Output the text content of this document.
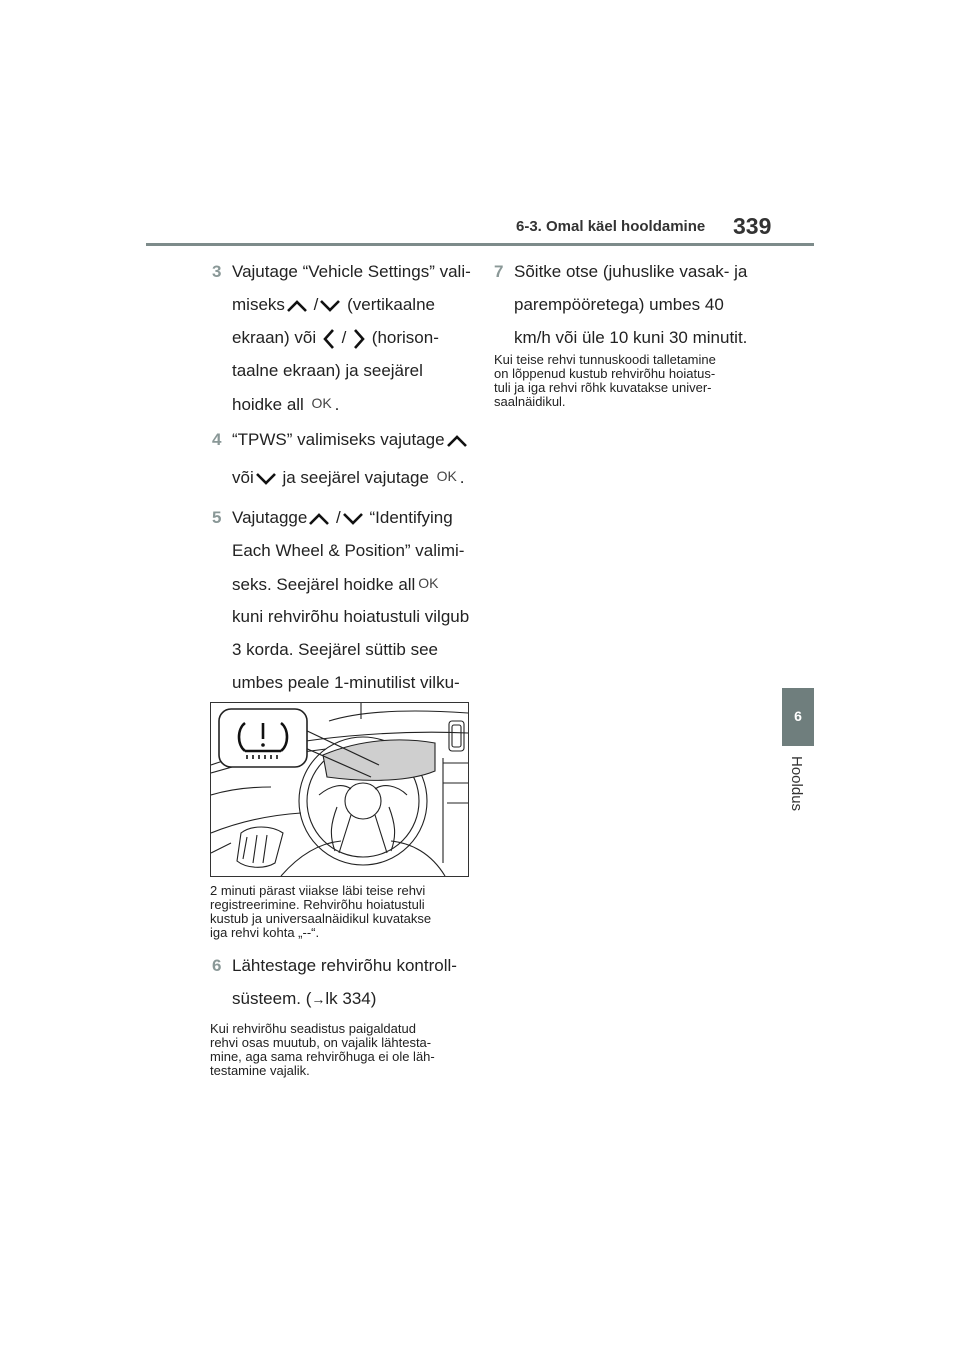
6-3. Omal käel hooldamine 339
6
Hooldus
3 Vajutage “Vehicle Settings” vali-
miseks / (vertikaalne
ekraan) või / (horison-
taalne ekraan) ja seejärel
hoidke all OK .
4 “TPWS” valimiseks vajutage
või ja seejärel vajutage OK .
5 Vajutagge / “Identifying
Each Wheel & Position” valimi-
seks. Seejärel hoidke all OK
kuni rehvirõhu hoiatustuli vilgub
3 korda. Seejärel süttib see
umbes peale 1-minutilist vilku-
2 minuti pärast viiakse läbi teise rehvi
registreerimine. Rehvirõhu hoiatustuli
kustub ja universaalnäidikul kuvatakse
iga rehvi kohta „--“.
6 Lähtestage rehvirõhu kontroll-
süsteem. (→lk 334)
Kui rehvirõhu seadistus paigaldatud
rehvi osas muutub, on vajalik lähtesta-
mine, aga sama rehvirõhuga ei ole läh-
testamine vajalik.
7 Sõitke otse (juhuslike vasak- ja
parempööretega) umbes 40
km/h või üle 10 kuni 30 minutit.
Kui teise rehvi tunnuskoodi talletamine
on lõppenud kustub rehvirõhu hoiatus-
tuli ja iga rehvi rõhk kuvatakse univer-
saalnäidikul.
